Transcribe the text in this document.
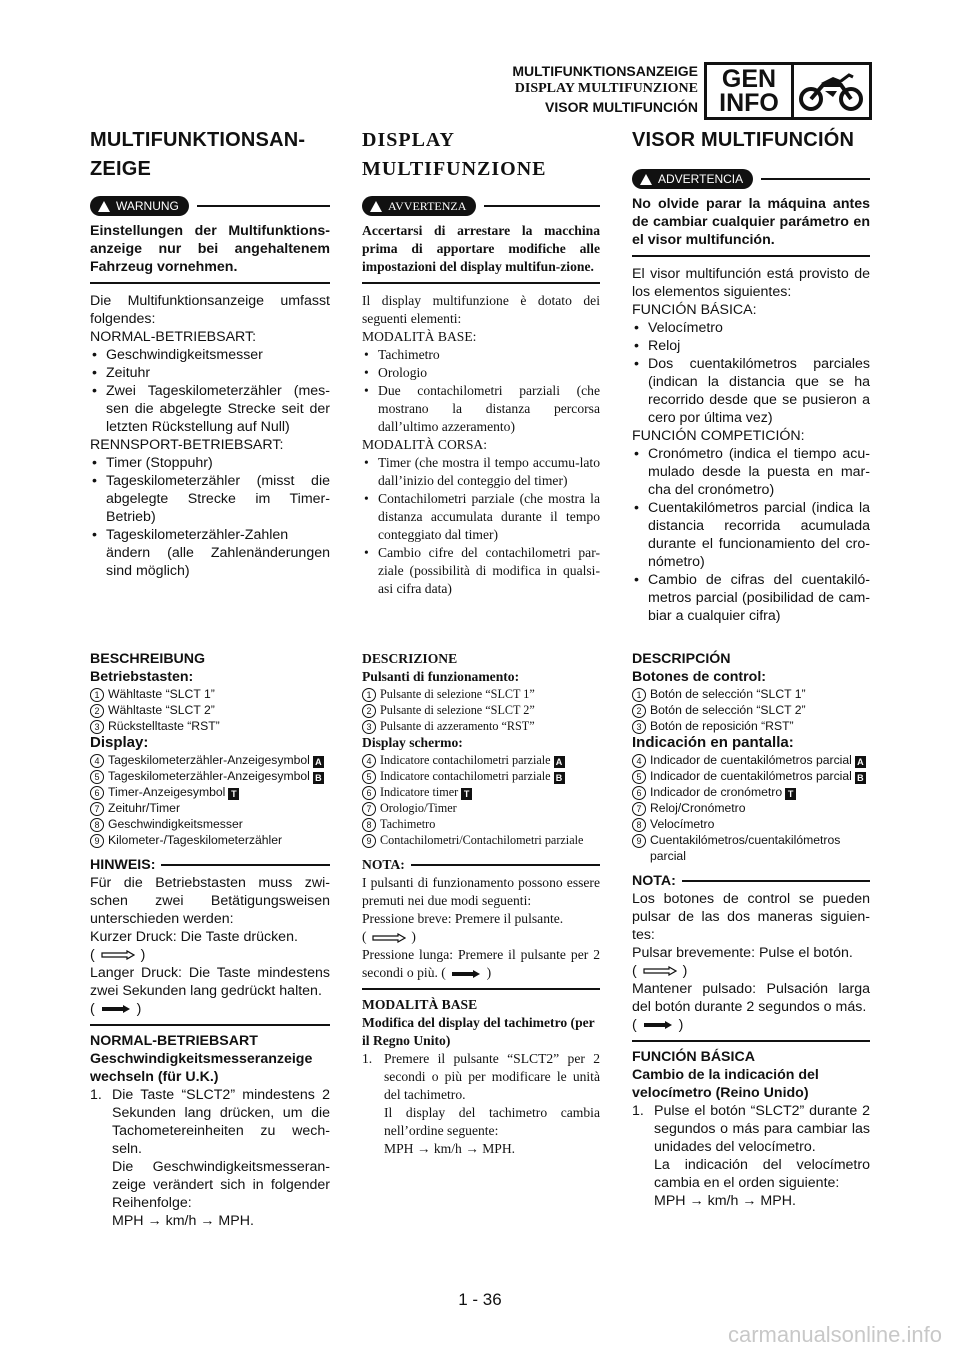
MULTIFUNKTIONSANZEIGE
DISPLAY MULTIFUNZIONE
VISOR MULTIFUNCIÓN
GEN
INFO
MULTIFUNKTIONSAN-
ZEIGE
WARNUNG
Einstellungen der Multifunktions-anzeige nur bei angehaltenem Fahrzeug vornehmen.

Die Multifunktionsanzeige umfasst folgendes:

NORMAL-BETRIEBSART:

• Geschwindigkeitsmesser
• Zeituhr
• Zwei Tageskilometerzähler (mes-sen die abgelegte Strecke seit der letzten Rückstellung auf Null)

RENNSPORT-BETRIEBSART:

• Timer (Stoppuhr)
• Tageskilometerzähler (misst die abgelegte Strecke im Timer-Betrieb)
• Tageskilometerzähler-Zahlen ändern (alle Zahlenänderungen sind möglich)
BESCHREIBUNG
Betriebstasten:
1 Wähltaste “SLCT 1”
2 Wähltaste “SLCT 2”
3 Rückstelltaste “RST”
Display:
4 Tageskilometerzähler-Anzeigesymbol A
5 Tageskilometerzähler-Anzeigesymbol B
6 Timer-Anzeigesymbol T
7 Zeituhr/Timer
8 Geschwindigkeitsmesser
9 Kilometer-/Tageskilometerzähler
HINWEIS:

Für die Betriebstasten muss zwi-schen zwei Betätigungsweisen unterschieden werden:

Kurzer Druck: Die Taste drücken.

(	)

Langer Druck: Die Taste mindestens zwei Sekunden lang gedrückt halten.

(  )

NORMAL-BETRIEBSART
Geschwindigkeitsmesseranzeige wechseln (für U.K.)
1. Die Taste “SLCT2” mindestens 2 Sekunden lang drücken, um die Tachometereinheiten zu wech-seln.
Die Geschwindigkeitsmesseran-zeige verändert sich in folgender Reihenfolge:
MPH → km/h → MPH.
DISPLAY
MULTIFUNZIONE
AVVERTENZA
Accertarsi di arrestare la macchina prima di apportare modifiche alle impostazioni del display multifun-zione.

Il display multifunzione è dotato dei seguenti elementi:

MODALITÀ BASE:

• Tachimetro
• Orologio
• Due contachilometri parziali (che mostrano la distanza percorsa dall’ultimo azzeramento)

MODALITÀ CORSA:

• Timer (che mostra il tempo accumu-lato dall’inizio del conteggio del timer)
• Contachilometri parziale (che mostra la distanza accumulata durante il tempo conteggiato dal timer)
• Cambio cifre del contachilometri par-ziale (possibilità di modifica in qualsi-asi cifra data)
DESCRIZIONE
Pulsanti di funzionamento:
1 Pulsante di selezione “SLCT 1”
2 Pulsante di selezione “SLCT 2”
3 Pulsante di azzeramento “RST”
Display schermo:
4 Indicatore contachilometri parziale A
5 Indicatore contachilometri parziale B
6 Indicatore timer T
7 Orologio/Timer
8 Tachimetro
9 Contachilometri/Contachilometri parziale
NOTA:

I pulsanti di funzionamento possono essere premuti nei due modi seguenti:

Pressione breve: Premere il pulsante.

(	)

Pressione lunga: Premere il pulsante per 2 secondi o più. (	)

MODALITÀ BASE
Modifica del display del tachimetro (per il Regno Unito)
1. Premere il pulsante “SLCT2” per 2 secondi o più per modificare le unità del tachimetro.
Il display del tachimetro cambia nell’ordine seguente:
MPH → km/h → MPH.
VISOR MULTIFUNCIÓN
ADVERTENCIA
No olvide parar la máquina antes de cambiar cualquier parámetro en el visor multifunción.

El visor multifunción está provisto de los elementos siguientes:

FUNCIÓN BÁSICA:

• Velocímetro
• Reloj
• Dos cuentakilómetros parciales (indican la distancia que se ha recorrido desde que se pusieron a cero por última vez)

FUNCIÓN COMPETICIÓN:

• Cronómetro (indica el tiempo acu-mulado desde la puesta en mar-cha del cronómetro)
• Cuentakilómetros parcial (indica la distancia recorrida acumulada durante el funcionamiento del cro-nómetro)
• Cambio de cifras del cuentakiló-metros parcial (posibilidad de cam-biar a cualquier cifra)
DESCRIPCIÓN
Botones de control:
1 Botón de selección “SLCT 1”
2 Botón de selección “SLCT 2”
3 Botón de reposición “RST”
Indicación en pantalla:
4 Indicador de cuentakilómetros parcial A
5 Indicador de cuentakilómetros parcial B
6 Indicador de cronómetro T
7 Reloj/Cronómetro
8 Velocímetro
9 Cuentakilómetros/cuentakilómetros parcial
NOTA:

Los botones de control se pueden pulsar de las dos maneras siguien-tes:

Pulsar brevemente: Pulse el botón.

(	)

Mantener pulsado: Pulsación larga del botón durante 2 segundos o más.

(  )

FUNCIÓN BÁSICA
Cambio de la indicación del velocímetro (Reino Unido)
1. Pulse el botón “SLCT2” durante 2 segundos o más para cambiar las unidades del velocímetro.
La indicación del velocímetro cambia en el orden siguiente:
MPH → km/h → MPH.
1 - 36
carmanualsonline.info
